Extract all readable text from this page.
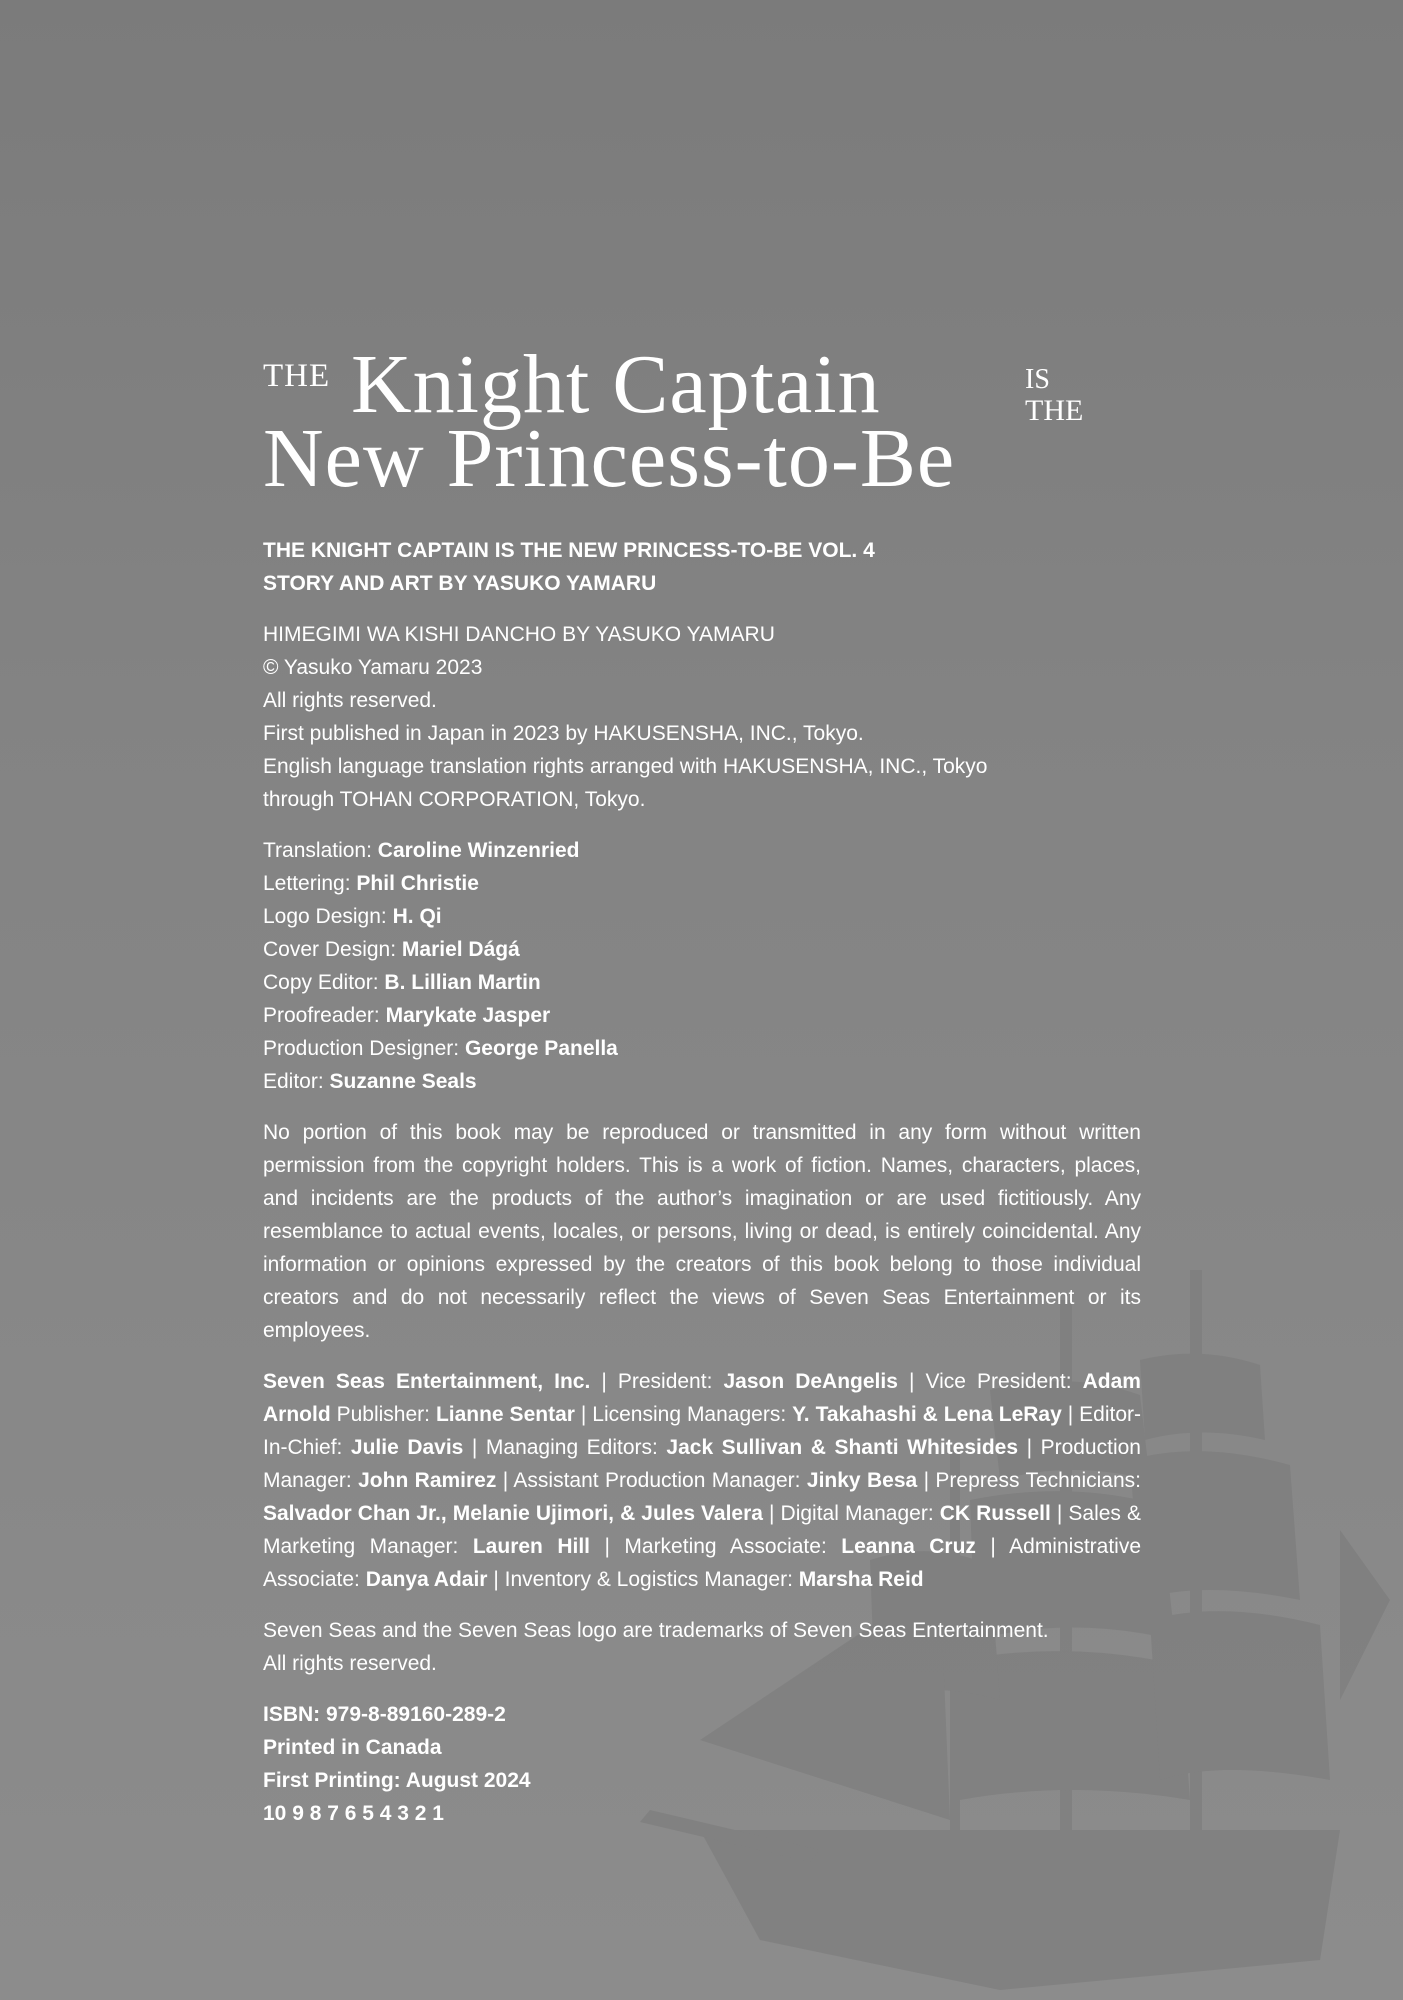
THE Knight Captain	IS
THE
New Princess-to-Be

THE KNIGHT CAPTAIN IS THE NEW PRINCESS-TO-BE VOL. 4
STORY AND ART BY YASUKO YAMARU

HIMEGIMI WA KISHI DANCHO BY YASUKO YAMARU
© Yasuko Yamaru 2023
All rights reserved.
First published in Japan in 2023 by HAKUSENSHA, INC., Tokyo.
English language translation rights arranged with HAKUSENSHA, INC., Tokyo
through TOHAN CORPORATION, Tokyo.

Translation: Caroline Winzenried
Lettering: Phil Christie
Logo Design: H. Qi
Cover Design: Mariel Dágá
Copy Editor: B. Lillian Martin
Proofreader: Marykate Jasper
Production Designer: George Panella
Editor: Suzanne Seals

No portion of this book may be reproduced or transmitted in any form without written permission from the copyright holders. This is a work of fiction. Names, characters, places, and incidents are the products of the author’s imagination or are used fictitiously. Any resemblance to actual events, locales, or persons, living or dead, is entirely coincidental. Any information or opinions expressed by the creators of this book belong to those individual creators and do not necessarily reflect the views of Seven Seas Entertainment or its employees.

Seven Seas Entertainment, Inc. | President: Jason DeAngelis | Vice President: Adam Arnold Publisher: Lianne Sentar | Licensing Managers: Y. Takahashi & Lena LeRay | Editor-In-Chief: Julie Davis | Managing Editors: Jack Sullivan & Shanti Whitesides | Production Manager: John Ramirez | Assistant Production Manager: Jinky Besa | Prepress Technicians: Salvador Chan Jr., Melanie Ujimori, & Jules Valera | Digital Manager: CK Russell | Sales & Marketing Manager: Lauren Hill | Marketing Associate: Leanna Cruz | Administrative Associate: Danya Adair | Inventory & Logistics Manager: Marsha Reid

Seven Seas and the Seven Seas logo are trademarks of Seven Seas Entertainment.
All rights reserved.

ISBN: 979-8-89160-289-2
Printed in Canada
First Printing: August 2024
10 9 8 7 6 5 4 3 2 1
